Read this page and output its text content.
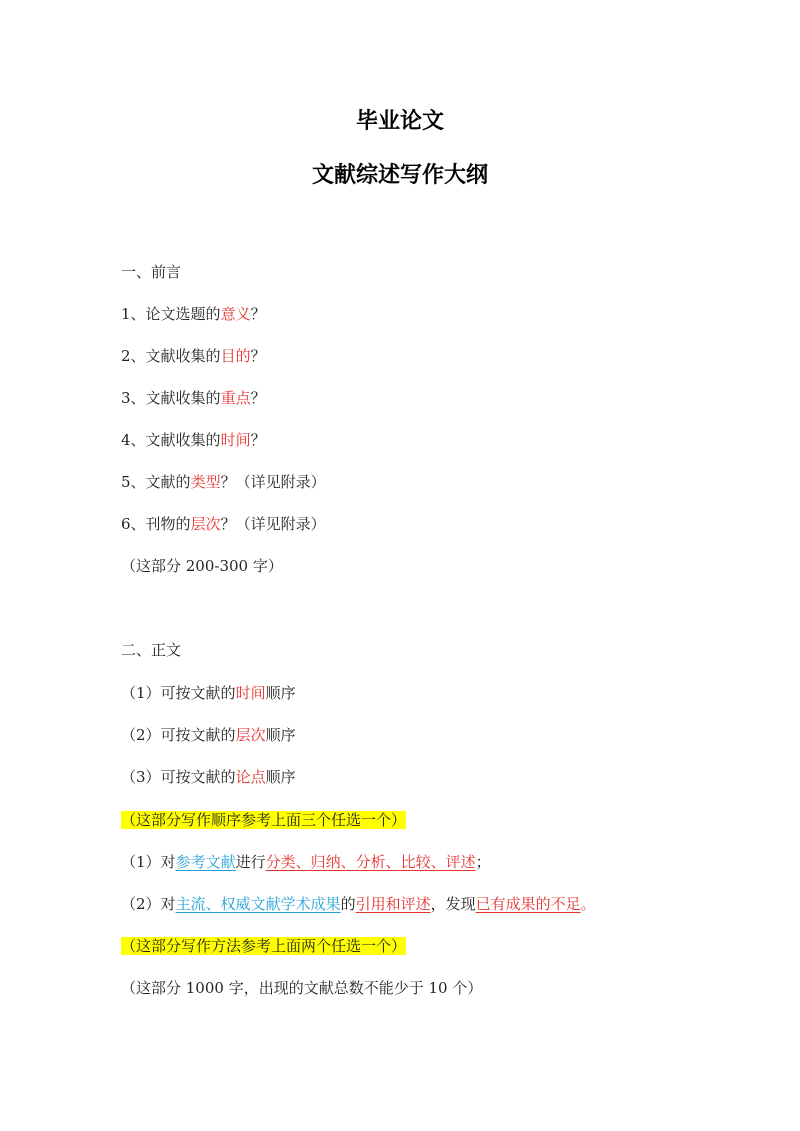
毕业论文
文献综述写作大纲

一、前言

1、论文选题的意义？

2、文献收集的目的？

3、文献收集的重点？

4、文献收集的时间？

5、文献的类型？（详见附录）

6、刊物的层次？（详见附录）

（这部分 200-300 字）

二、正文

（1）可按文献的时间顺序

（2）可按文献的层次顺序

（3）可按文献的论点顺序

（这部分写作顺序参考上面三个任选一个）

（1）对参考文献进行分类、归纳、分析、比较、评述；

（2）对主流、权威文献学术成果的引用和评述，发现已有成果的不足。

（这部分写作方法参考上面两个任选一个）

（这部分 1000 字，出现的文献总数不能少于 10 个）
